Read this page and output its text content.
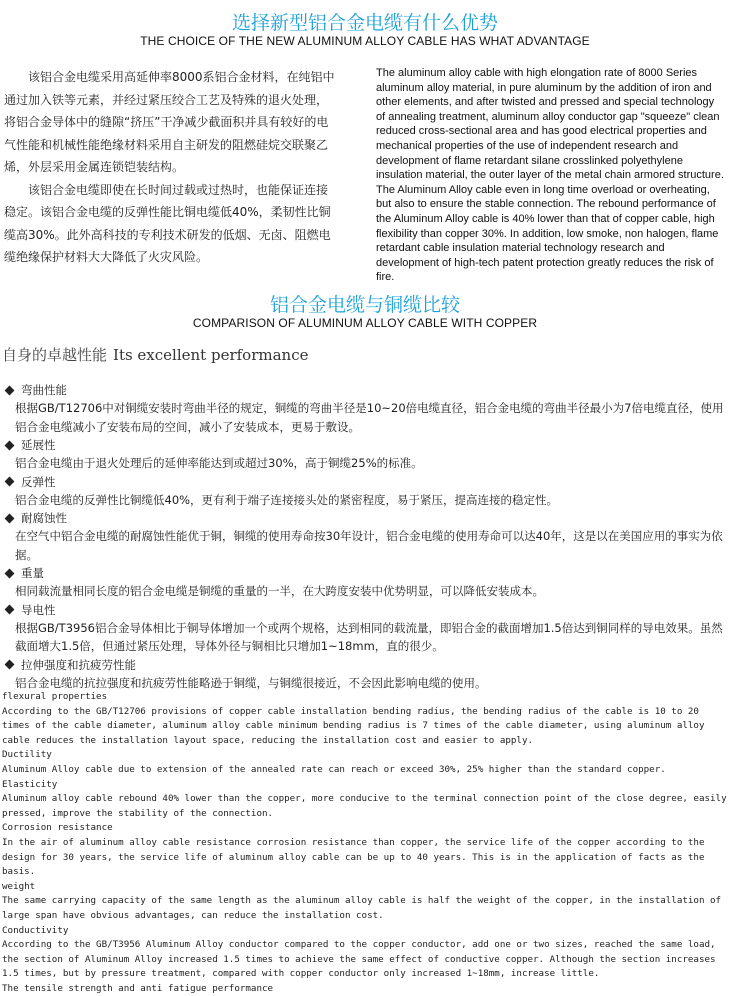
选择新型铝合金电缆有什么优势
THE CHOICE OF THE NEW ALUMINUM ALLOY CABLE HAS WHAT ADVANTAGE

该铝合金电缆采用高延伸率8000系铝合金材料，在纯铝中通过加入铁等元素，并经过紧压绞合工艺及特殊的退火处理，将铝合金导体中的缝隙“挤压”干净减少截面积并具有较好的电气性能和机械性能绝缘材料采用自主研发的阻燃硅烷交联聚乙烯，外层采用金属连锁铠装结构。

该铝合金电缆即使在长时间过载或过热时，也能保证连接稳定。该铝合金电缆的反弹性能比铜电缆低40%，柔韧性比铜缆高30%。此外高科技的专利技术研发的低烟、无卤、阻燃电缆绝缘保护材料大大降低了火灾风险。

The aluminum alloy cable with high elongation rate of 8000 Series aluminum alloy material, in pure aluminum by the addition of iron and other elements, and after twisted and pressed and special technology of annealing treatment, aluminum alloy conductor gap "squeeze" clean reduced cross-sectional area and has good electrical properties and mechanical properties of the use of independent research and development of flame retardant silane crosslinked polyethylene insulation material, the outer layer of the metal chain armored structure.

The Aluminum Alloy cable even in long time overload or overheating, but also to ensure the stable connection. The rebound performance of the Aluminum Alloy cable is 40% lower than that of copper cable, high flexibility than copper 30%. In addition, low smoke, non halogen, flame retardant cable insulation material technology research and development of high-tech patent protection greatly reduces the risk of fire.

铝合金电缆与铜缆比较
COMPARISON OF ALUMINUM ALLOY CABLE WITH COPPER
自身的卓越性能 Its excellent performance
弯曲性能
根据GB/T12706中对铜缆安装时弯曲半径的规定，铜缆的弯曲半径是10~20倍电缆直径，铝合金电缆的弯曲半径最小为7倍电缆直径，使用铝合金电缆减小了安装布局的空间，减小了安装成本，更易于敷设。
延展性
铝合金电缆由于退火处理后的延伸率能达到或超过30%，高于铜缆25%的标准。
反弹性
铝合金电缆的反弹性比铜缆低40%，更有利于端子连接接头处的紧密程度，易于紧压，提高连接的稳定性。
耐腐蚀性
在空气中铝合金电缆的耐腐蚀性能优于铜，铜缆的使用寿命按30年设计，铝合金电缆的使用寿命可以达40年，这是以在美国应用的事实为依据。
重量
相同载流量相同长度的铝合金电缆是铜缆的重量的一半，在大跨度安装中优势明显，可以降低安装成本。
导电性
根据GB/T3956铝合金导体相比于铜导体增加一个或两个规格，达到相同的载流量，即铝合金的截面增加1.5倍达到铜同样的导电效果。虽然截面增大1.5倍，但通过紧压处理，导体外径与铜相比只增加1~18mm，直的很少。
拉伸强度和抗疲劳性能
铝合金电缆的抗拉强度和抗疲劳性能略逊于铜缆，与铜缆很接近，不会因此影响电缆的使用。

flexural properties

According to the GB/T12706 provisions of copper cable installation bending radius, the bending radius of the cable is 10 to 20 times of the cable diameter, aluminum alloy cable minimum bending radius is 7 times of the cable diameter, using aluminum alloy cable reduces the installation layout space, reducing the installation cost and easier to apply.

Ductility

Aluminum Alloy cable due to extension of the annealed rate can reach or exceed 30%, 25% higher than the standard copper.

Elasticity

Aluminum alloy cable rebound 40% lower than the copper, more conducive to the terminal connection point of the close degree, easily pressed, improve the stability of the connection.

Corrosion resistance

In the air of aluminum alloy cable resistance corrosion resistance than copper, the service life of the copper according to the design for 30 years, the service life of aluminum alloy cable can be up to 40 years. This is in the application of facts as the basis.

weight

The same carrying capacity of the same length as the aluminum alloy cable is half the weight of the copper, in the installation of large span have obvious advantages, can reduce the installation cost.

Conductivity

According to the GB/T3956 Aluminum Alloy conductor compared to the copper conductor, add one or two sizes, reached the same load, the section of Aluminum Alloy increased 1.5 times to achieve the same effect of conductive copper. Although the section increases 1.5 times, but by pressure treatment, compared with copper conductor only increased 1~18mm, increase little.

The tensile strength and anti fatigue performance
